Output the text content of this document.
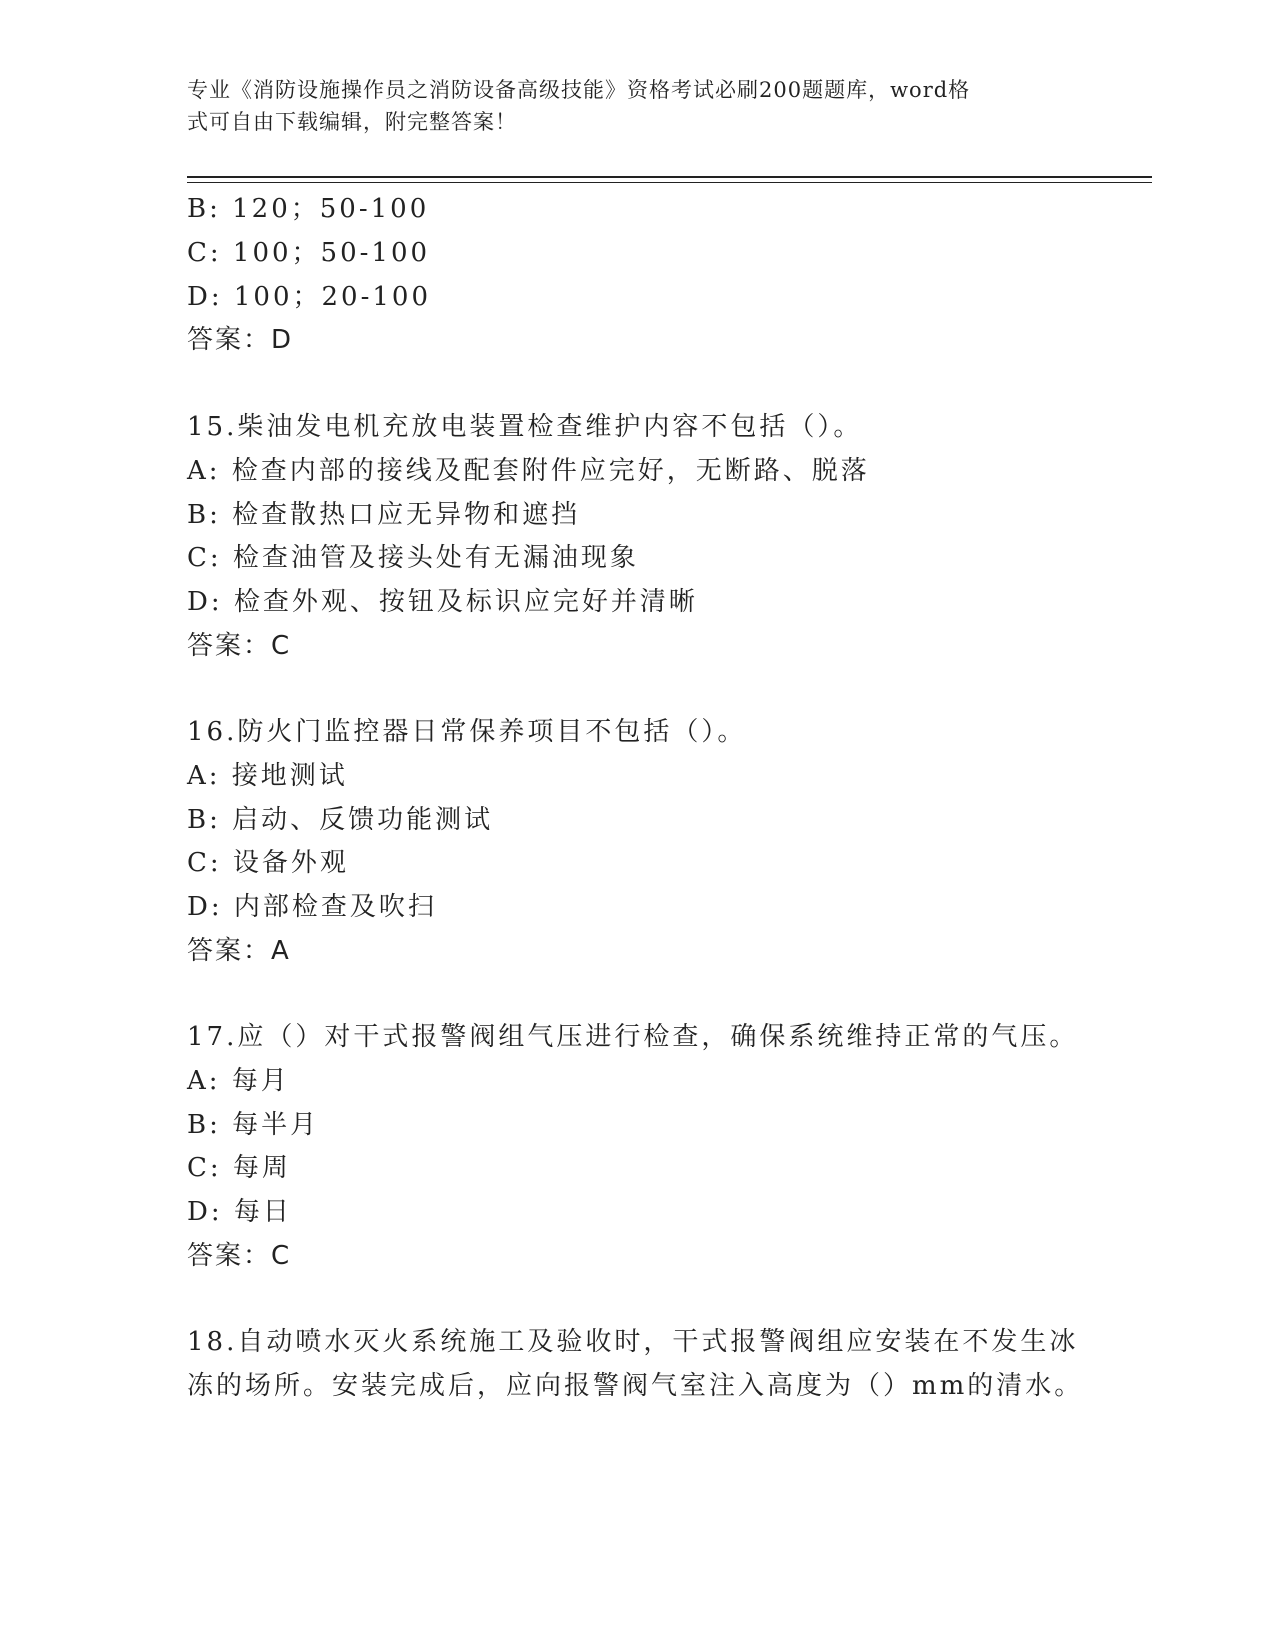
专业《消防设施操作员之消防设备高级技能》资格考试必刷200题题库，word格
式可自由下载编辑，附完整答案！
B: 120；50-100
C: 100；50-100
D: 100；20-100
答案：D
15.柴油发电机充放电装置检查维护内容不包括（）。
A: 检查内部的接线及配套附件应完好，无断路、脱落
B: 检查散热口应无异物和遮挡
C: 检查油管及接头处有无漏油现象
D: 检查外观、按钮及标识应完好并清晰
答案：C
16.防火门监控器日常保养项目不包括（）。
A: 接地测试
B: 启动、反馈功能测试
C: 设备外观
D: 内部检查及吹扫
答案：A
17.应（）对干式报警阀组气压进行检查，确保系统维持正常的气压。
A: 每月
B: 每半月
C: 每周
D: 每日
答案：C
18.自动喷水灭火系统施工及验收时，干式报警阀组应安装在不发生冰
冻的场所。安装完成后，应向报警阀气室注入高度为（）mm的清水。
